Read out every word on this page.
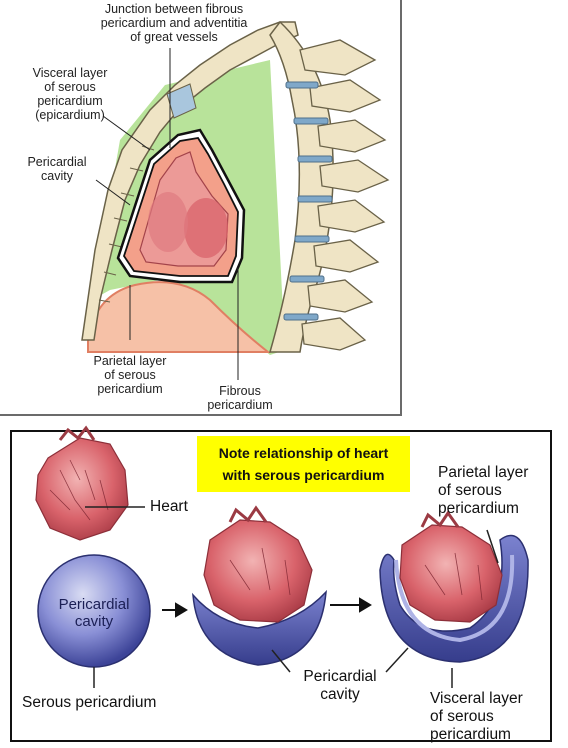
Junction between fibrous
pericardium and adventitia
of great vessels
Visceral layer
of serous
pericardium
(epicardium)
Pericardial
cavity
Parietal layer
of serous
pericardium	Fibrous
pericardium
Note relationship of heart
with serous pericardium
Heart
Pericardial
cavity
Serous pericardium
Pericardial
cavity
Parietal layer
of serous
pericardium
Visceral layer
of serous
pericardium
